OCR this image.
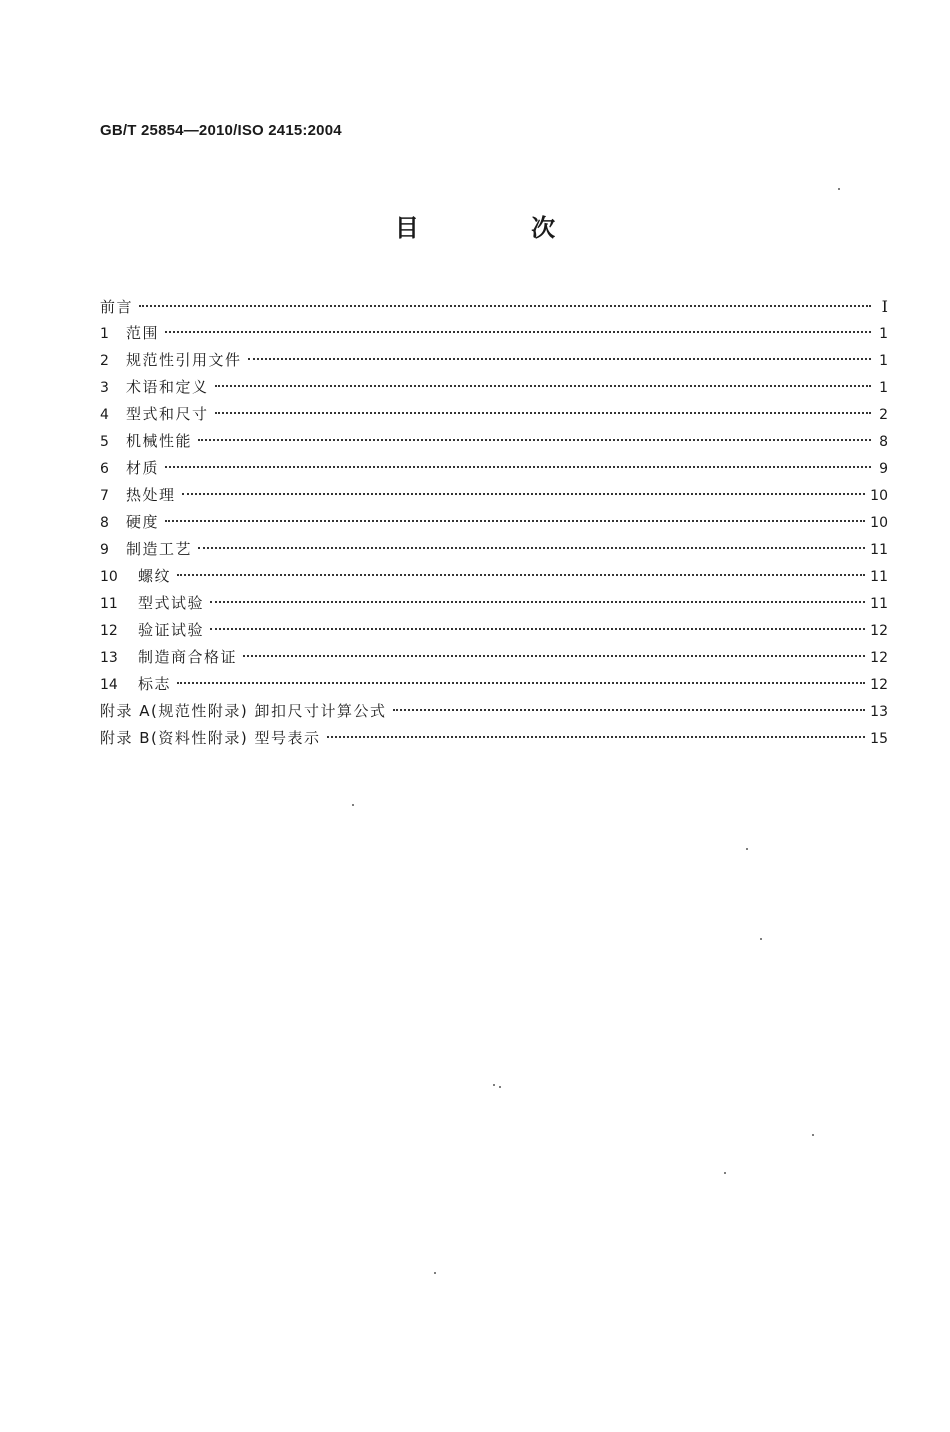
GB/T 25854—2010/ISO 2415:2004
目 次
前言	Ⅰ
1	范围	1
2	规范性引用文件	1
3	术语和定义	1
4	型式和尺寸	2
5	机械性能	8
6	材质	9
7	热处理	10
8	硬度	10
9	制造工艺	11
10	螺纹	11
11	型式试验	11
12	验证试验	12
13	制造商合格证	12
14	标志	12
附录 A(规范性附录) 卸扣尺寸计算公式	13
附录 B(资料性附录) 型号表示	15
